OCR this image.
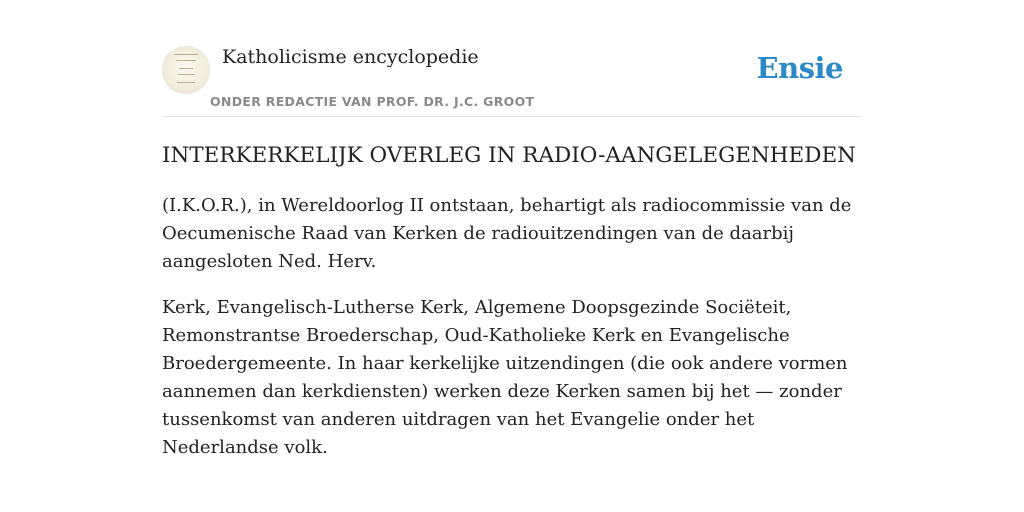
Katholicisme encyclopedie
ONDER REDACTIE VAN PROF. DR. J.C. GROOT
Ensie
INTERKERKELIJK OVERLEG IN RADIO-AANGELEGENHEDEN

(I.K.O.R.), in Wereldoorlog II ontstaan, behartigt als radiocommissie van de Oecumenische Raad van Kerken de radiouitzendingen van de daarbij aangesloten Ned. Herv.

Kerk, Evangelisch-Lutherse Kerk, Algemene Doopsgezinde Sociëteit, Remonstrantse Broederschap, Oud-Katholieke Kerk en Evangelische Broedergemeente. In haar kerkelijke uitzendingen (die ook andere vormen aannemen dan kerkdiensten) werken deze Kerken samen bij het — zonder tussenkomst van anderen uitdragen van het Evangelie onder het Nederlandse volk.
